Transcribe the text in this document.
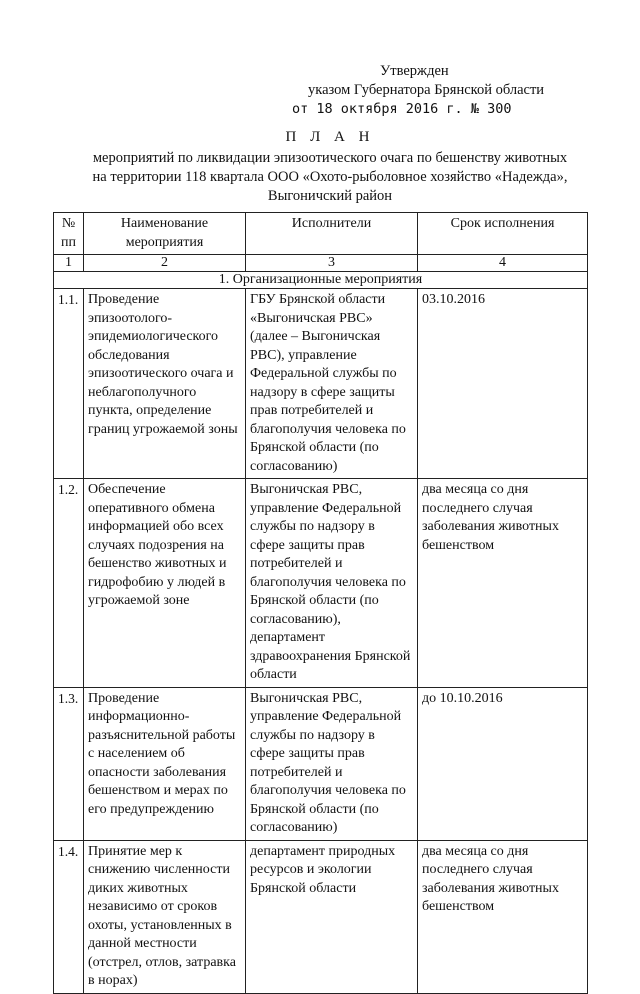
Утвержден
указом Губернатора Брянской области
от 18 октября 2016 г. № 300
П Л А Н
мероприятий по ликвидации эпизоотического очага по бешенству животных
на территории 118 квартала ООО «Охото-рыболовное хозяйство «Надежда»,
Выгоничский район
№ пп	Наименование мероприятия	Исполнители	Срок исполнения
1	2	3	4
1. Организационные мероприятия			
1.1.	Проведение эпизоотолого-эпидемиологического обследования эпизоотического очага и неблагополучного пункта, определение границ угрожаемой зоны	ГБУ Брянской области «Выгоничская РВС» (далее – Выгоничская РВС), управление Федеральной службы по надзору в сфере защиты прав потребителей и благополучия человека по Брянской области (по согласованию)	03.10.2016
1.2.	Обеспечение оперативного обмена информацией обо всех случаях подозрения на бешенство животных и гидрофобию у людей в угрожаемой зоне	Выгоничская РВС, управление Федеральной службы по надзору в сфере защиты прав потребителей и благополучия человека по Брянской области (по согласованию), департамент здравоохранения Брянской области	два месяца со дня последнего случая заболевания животных бешенством
1.3.	Проведение информационно-разъяснительной работы с населением об опасности заболевания бешенством и мерах по его предупреждению	Выгоничская РВС, управление Федеральной службы по надзору в сфере защиты прав потребителей и благополучия человека по Брянской области (по согласованию)	до 10.10.2016
1.4.	Принятие мер к снижению численности диких животных независимо от сроков охоты, установленных в данной местности (отстрел, отлов, затравка в норах)	департамент природных ресурсов и экологии Брянской области	два месяца со дня последнего случая заболевания животных бешенством
